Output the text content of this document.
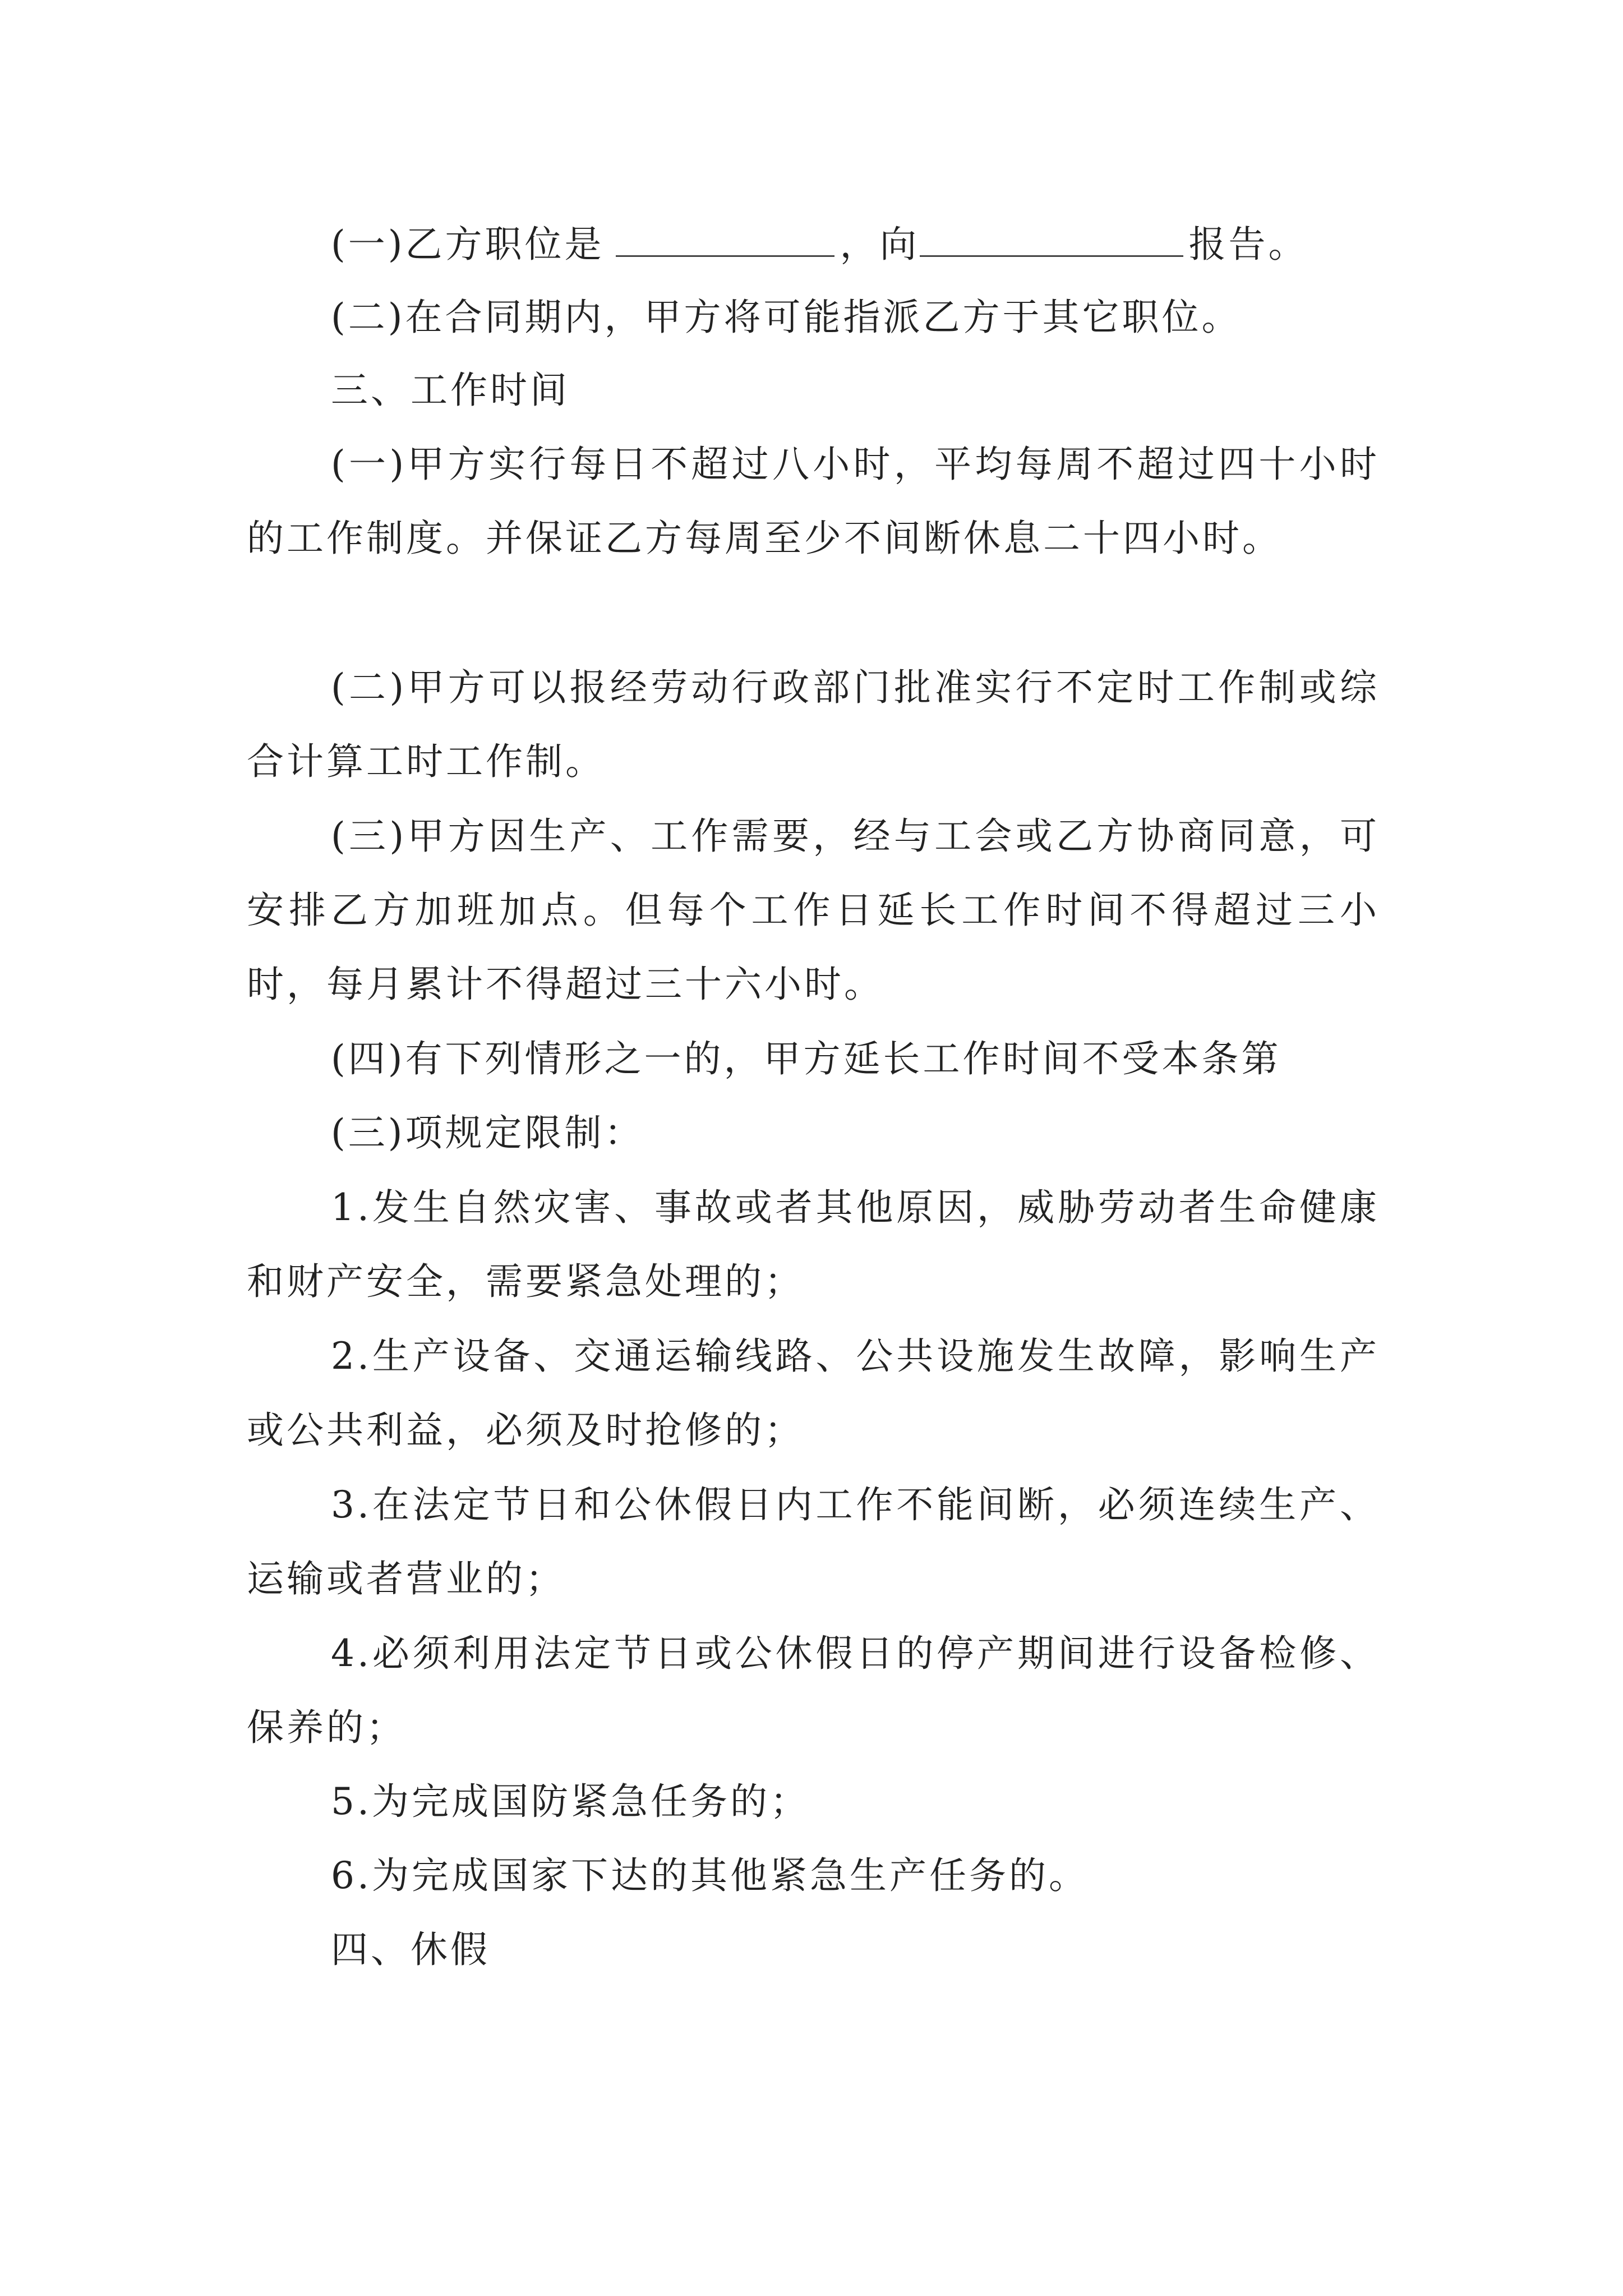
(一)乙方职位是	，向	报告。

(二)在合同期内，甲方将可能指派乙方于其它职位。

三、工作时间

(一)甲方实行每日不超过八小时，平均每周不超过四十小时的工作制度。并保证乙方每周至少不间断休息二十四小时。

(二)甲方可以报经劳动行政部门批准实行不定时工作制或综合计算工时工作制。

(三)甲方因生产、工作需要，经与工会或乙方协商同意，可安排乙方加班加点。但每个工作日延长工作时间不得超过三小时，每月累计不得超过三十六小时。

(四)有下列情形之一的，甲方延长工作时间不受本条第

(三)项规定限制：

1.发生自然灾害、事故或者其他原因，威胁劳动者生命健康和财产安全，需要紧急处理的；

2.生产设备、交通运输线路、公共设施发生故障，影响生产或公共利益，必须及时抢修的；

3.在法定节日和公休假日内工作不能间断，必须连续生产、运输或者营业的；

4.必须利用法定节日或公休假日的停产期间进行设备检修、保养的；

5.为完成国防紧急任务的；

6.为完成国家下达的其他紧急生产任务的。

四、休假
